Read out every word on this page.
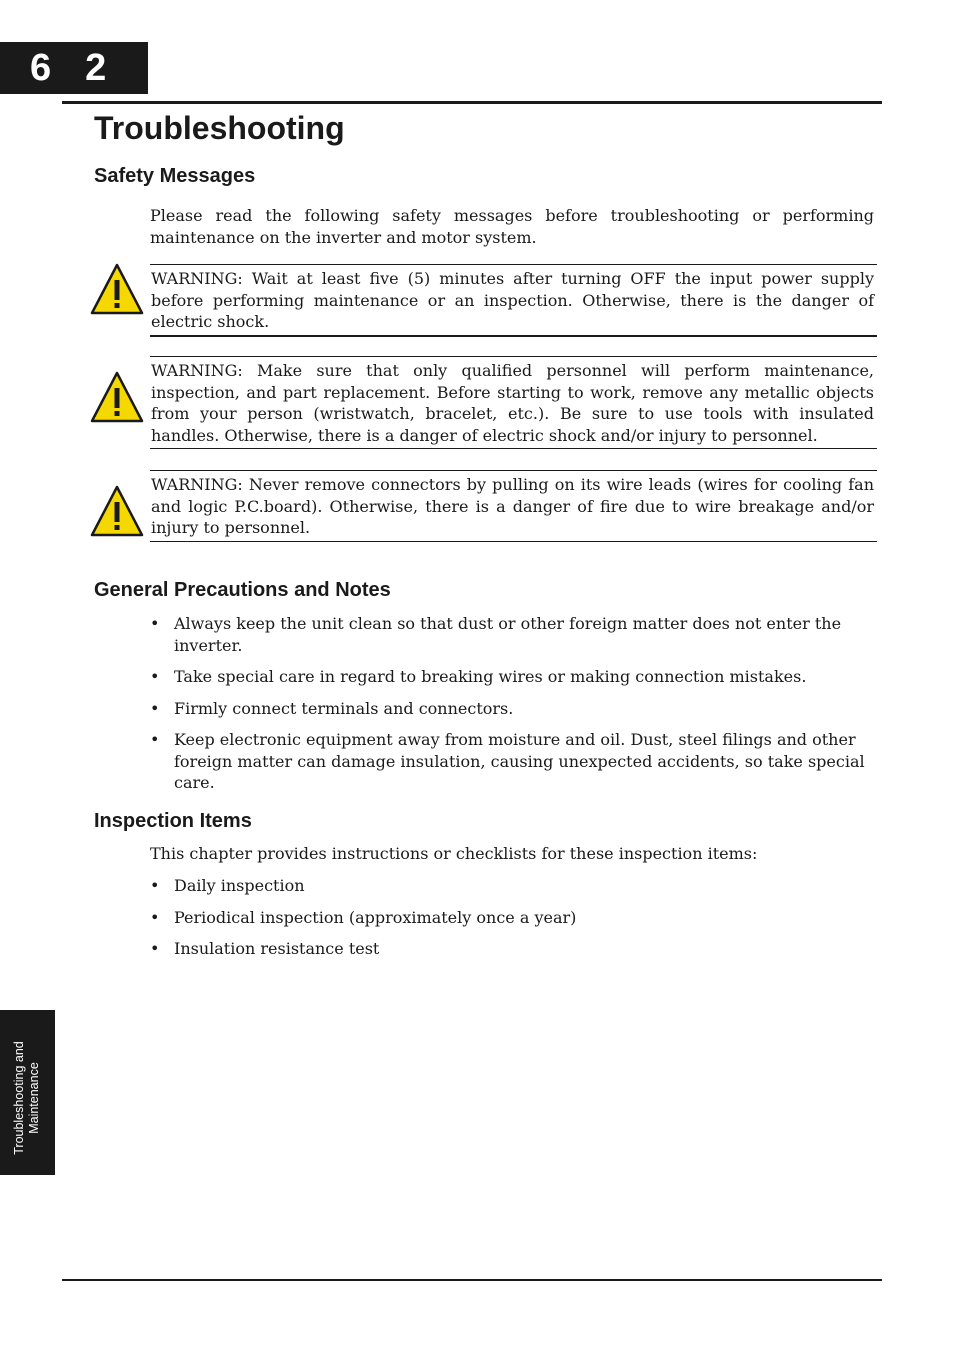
6 2
Troubleshooting
Safety Messages

Please read the following safety messages before troubleshooting or performing maintenance on the inverter and motor system.

WARNING: Wait at least five (5) minutes after turning OFF the input power supply before performing maintenance or an inspection. Otherwise, there is the danger of electric shock.
WARNING: Make sure that only qualified personnel will perform maintenance, inspection, and part replacement. Before starting to work, remove any metallic objects from your person (wristwatch, bracelet, etc.). Be sure to use tools with insulated handles. Otherwise, there is a danger of electric shock and/or injury to personnel.
WARNING: Never remove connectors by pulling on its wire leads (wires for cooling fan and logic P.C.board). Otherwise, there is a danger of fire due to wire breakage and/or injury to personnel.
General Precautions and Notes
• Always keep the unit clean so that dust or other foreign matter does not enter the inverter.
• Take special care in regard to breaking wires or making connection mistakes.
• Firmly connect terminals and connectors.
• Keep electronic equipment away from moisture and oil. Dust, steel filings and other foreign matter can damage insulation, causing unexpected accidents, so take special care.
Inspection Items

This chapter provides instructions or checklists for these inspection items:

• Daily inspection
• Periodical inspection (approximately once a year)
• Insulation resistance test
Troubleshooting and Maintenance
